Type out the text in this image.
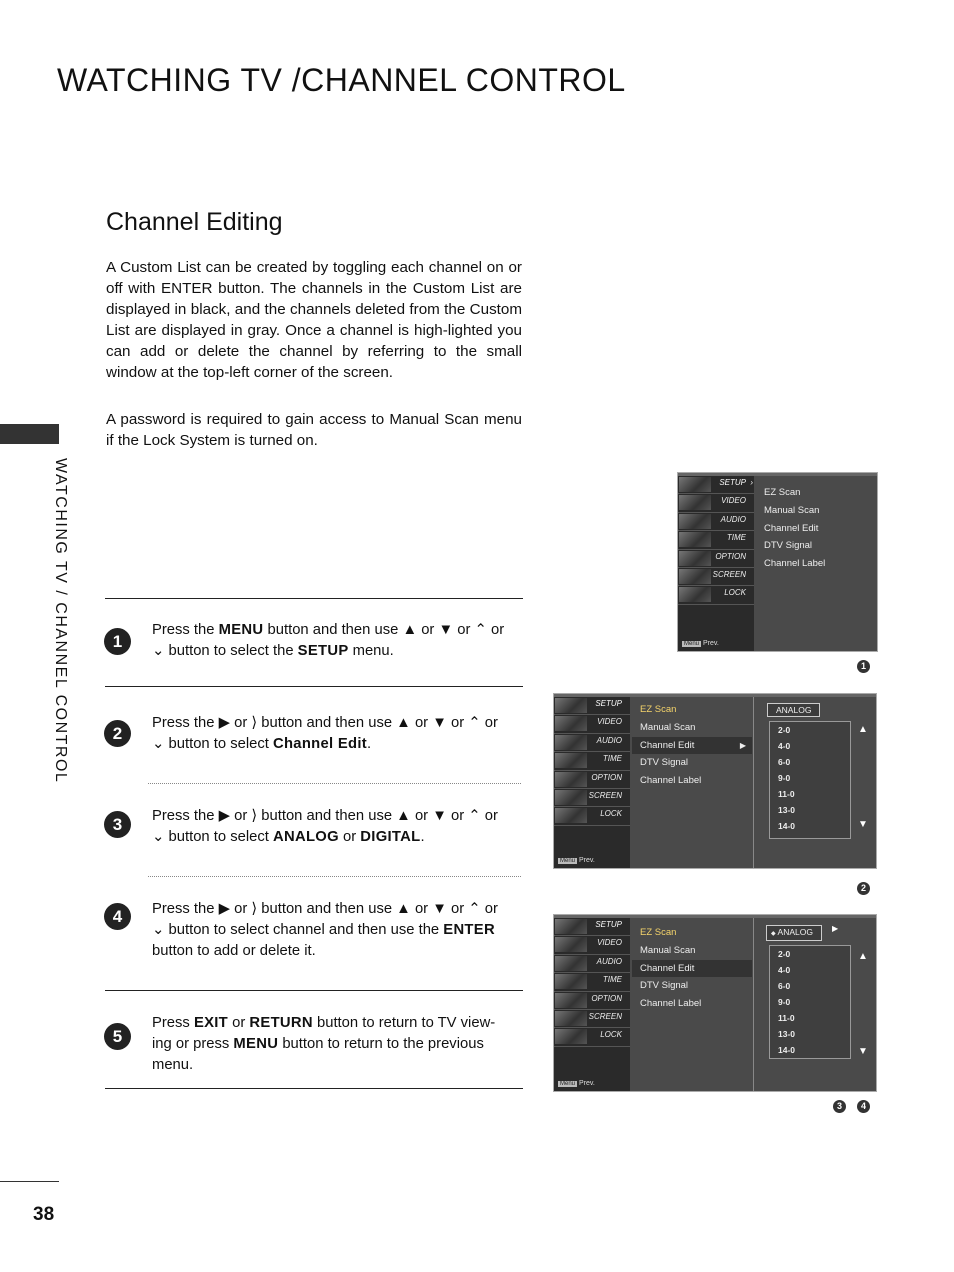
WATCHING TV /CHANNEL CONTROL
WATCHING TV / CHANNEL CONTROL
Channel Editing
A Custom List can be created by toggling each channel on or off with ENTER button. The channels in the Custom List are displayed in black, and the channels deleted from the Custom List are displayed in gray. Once a channel is high-lighted you can add or delete the channel by referring to the small window at the top-left corner of the screen.
A password is required to gain access to Manual Scan menu if the Lock System is turned on.
1
Press the MENU button and then use ▲ or ▼ or ⌃ or ⌄ button to select the SETUP menu.
2
Press the ▶ or ⟩ button and then use ▲ or ▼ or ⌃ or ⌄ button to select Channel Edit.
3	Press the ▶ or ⟩ button and then use ▲ or ▼ or ⌃ or ⌄ button to select ANALOG or DIGITAL.
4	Press the ▶ or ⟩ button and then use ▲ or ▼ or ⌃ or ⌄ button to select channel and then use the ENTER button to add or delete it.
5
Press EXIT or RETURN button to return to TV view-ing or press MENU button to return to the previous menu.
SETUP ›
VIDEO
AUDIO
TIME
OPTION
SCREEN
LOCK
Menu Prev.
EZ Scan
Manual Scan
Channel Edit
DTV Signal
Channel Label
1
SETUP
VIDEO
AUDIO
TIME
OPTION
SCREEN
LOCK
Menu Prev.
EZ Scan
Manual Scan
Channel Edit	▶
DTV Signal
Channel Label
ANALOG
2-0
4-0
6-0
9-0
11-0
13-0
14-0
▲
▼
2
SETUP
VIDEO
AUDIO
TIME
OPTION
SCREEN
LOCK
Menu Prev.
EZ Scan
Manual Scan
Channel Edit
DTV Signal
Channel Label
◆ ANALOG	▶
2-0
4-0
6-0
9-0
11-0
13-0
14-0
▲
▼
3	4
38
